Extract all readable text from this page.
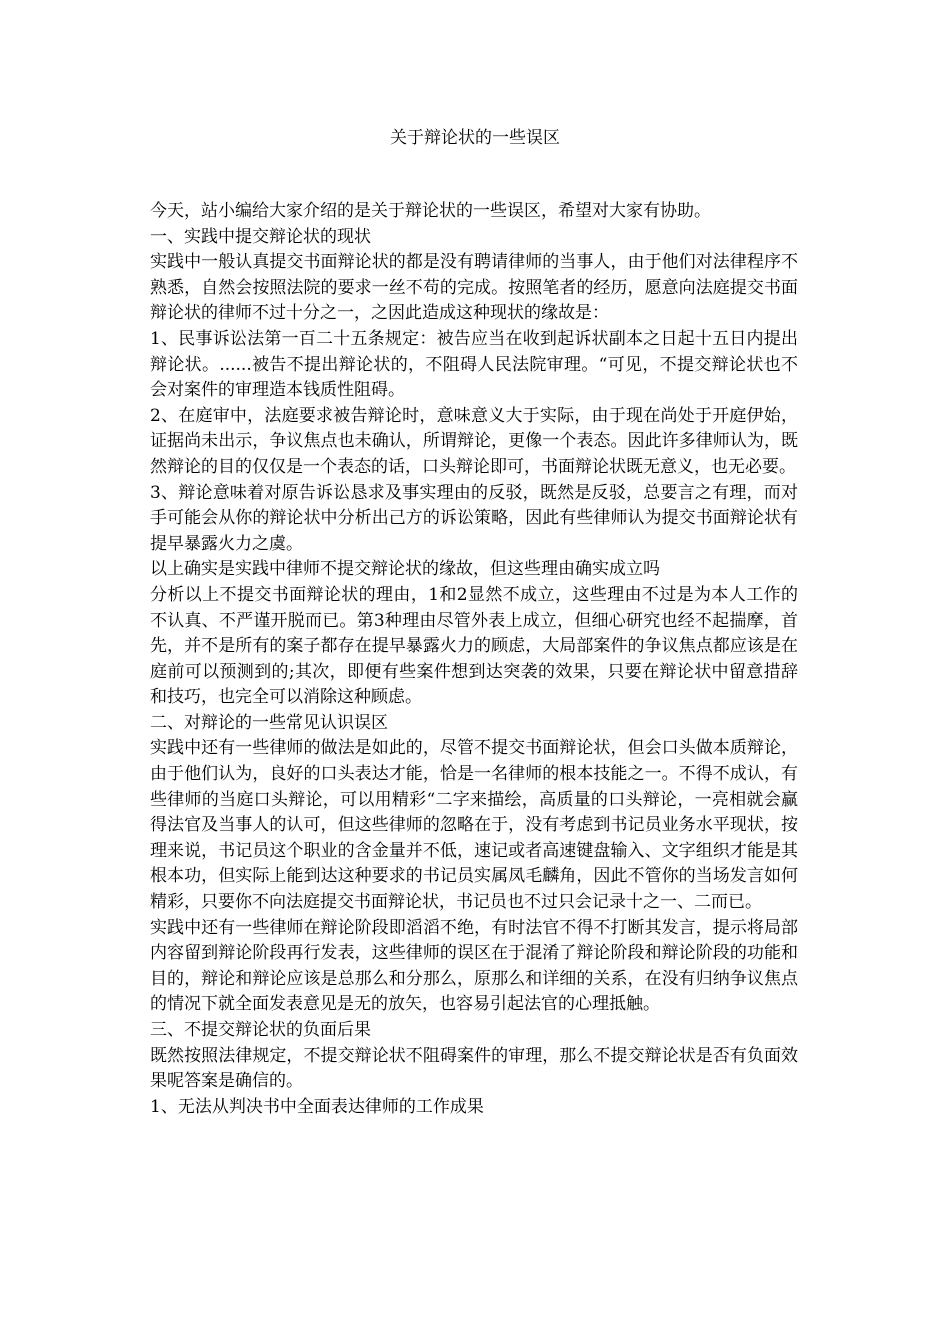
关于辩论状的一些误区

今天，站小编给大家介绍的是关于辩论状的一些误区，希望对大家有协助。

一、实践中提交辩论状的现状

实践中一般认真提交书面辩论状的都是没有聘请律师的当事人，由于他们对法律程序不熟悉，自然会按照法院的要求一丝不苟的完成。按照笔者的经历，愿意向法庭提交书面辩论状的律师不过十分之一，之因此造成这种现状的缘故是：

1、民事诉讼法第一百二十五条规定：被告应当在收到起诉状副本之日起十五日内提出辩论状。......被告不提出辩论状的，不阻碍人民法院审理。“可见，不提交辩论状也不会对案件的审理造本钱质性阻碍。

2、在庭审中，法庭要求被告辩论时，意味意义大于实际，由于现在尚处于开庭伊始，证据尚未出示，争议焦点也未确认，所谓辩论，更像一个表态。因此许多律师认为，既然辩论的目的仅仅是一个表态的话，口头辩论即可，书面辩论状既无意义，也无必要。

3、辩论意味着对原告诉讼恳求及事实理由的反驳，既然是反驳，总要言之有理，而对手可能会从你的辩论状中分析出己方的诉讼策略，因此有些律师认为提交书面辩论状有提早暴露火力之虞。

以上确实是实践中律师不提交辩论状的缘故，但这些理由确实成立吗

分析以上不提交书面辩论状的理由，1和2显然不成立，这些理由不过是为本人工作的不认真、不严谨开脱而已。第3种理由尽管外表上成立，但细心研究也经不起揣摩，首先，并不是所有的案子都存在提早暴露火力的顾虑，大局部案件的争议焦点都应该是在庭前可以预测到的;其次，即便有些案件想到达突袭的效果，只要在辩论状中留意措辞和技巧，也完全可以消除这种顾虑。

二、对辩论的一些常见认识误区

实践中还有一些律师的做法是如此的，尽管不提交书面辩论状，但会口头做本质辩论，由于他们认为，良好的口头表达才能，恰是一名律师的根本技能之一。不得不成认，有些律师的当庭口头辩论，可以用精彩“二字来描绘，高质量的口头辩论，一亮相就会赢得法官及当事人的认可，但这些律师的忽略在于，没有考虑到书记员业务水平现状，按理来说，书记员这个职业的含金量并不低，速记或者高速键盘输入、文字组织才能是其根本功，但实际上能到达这种要求的书记员实属凤毛麟角，因此不管你的当场发言如何精彩，只要你不向法庭提交书面辩论状，书记员也不过只会记录十之一、二而已。

实践中还有一些律师在辩论阶段即滔滔不绝，有时法官不得不打断其发言，提示将局部内容留到辩论阶段再行发表，这些律师的误区在于混淆了辩论阶段和辩论阶段的功能和目的，辩论和辩论应该是总那么和分那么，原那么和详细的关系，在没有归纳争议焦点的情况下就全面发表意见是无的放矢，也容易引起法官的心理抵触。

三、不提交辩论状的负面后果

既然按照法律规定，不提交辩论状不阻碍案件的审理，那么不提交辩论状是否有负面效果呢答案是确信的。

1、无法从判决书中全面表达律师的工作成果
